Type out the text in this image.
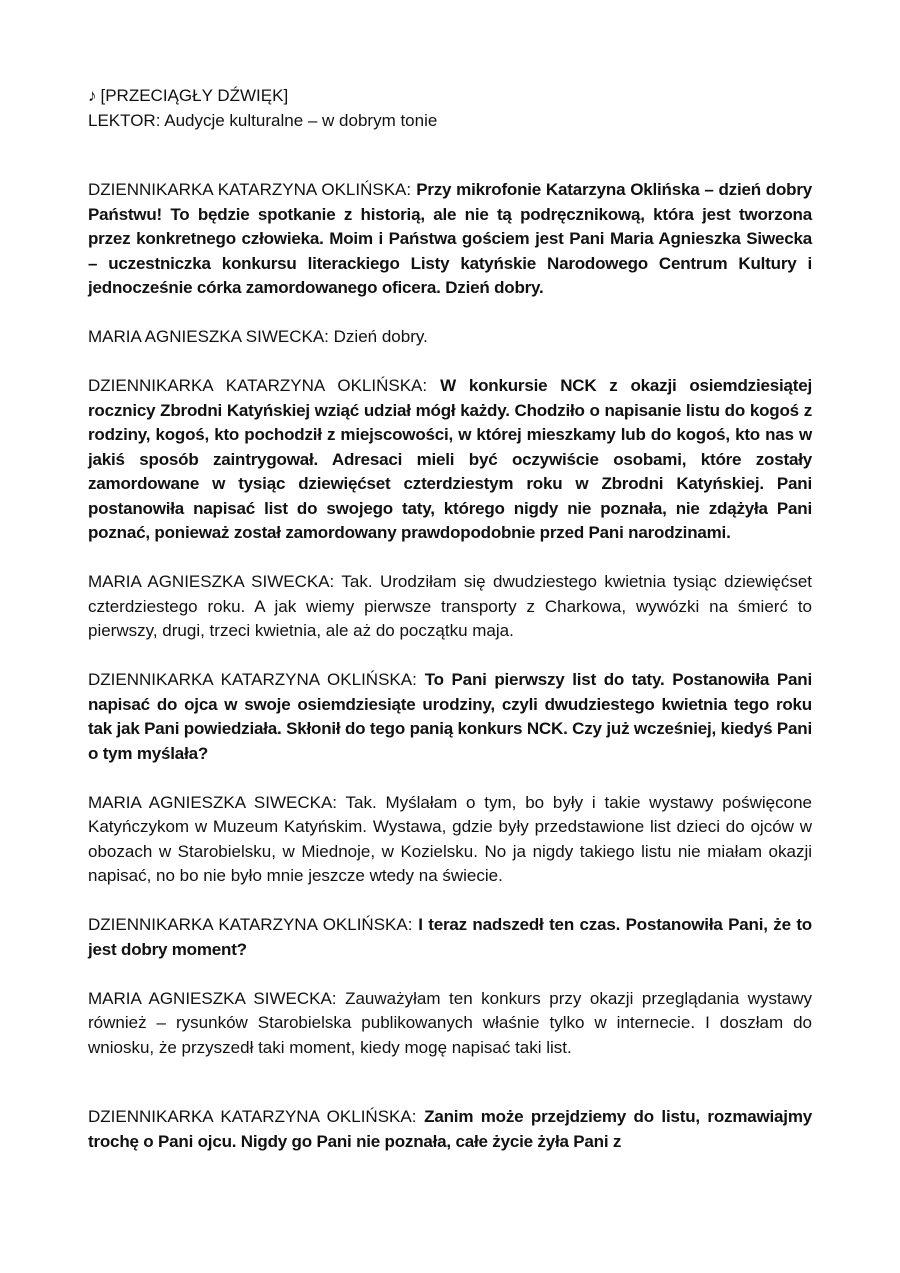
♪ [PRZECIĄGŁY DŹWIĘK]

LEKTOR: Audycje kulturalne – w dobrym tonie

DZIENNIKARKA KATARZYNA OKLIŃSKA: Przy mikrofonie Katarzyna Oklińska – dzień dobry Państwu! To będzie spotkanie z historią, ale nie tą podręcznikową, która jest tworzona przez konkretnego człowieka. Moim i Państwa gościem jest Pani Maria Agnieszka Siwecka – uczestniczka konkursu literackiego Listy katyńskie Narodowego Centrum Kultury i jednocześnie córka zamordowanego oficera. Dzień dobry.

MARIA AGNIESZKA SIWECKA: Dzień dobry.

DZIENNIKARKA KATARZYNA OKLIŃSKA: W konkursie NCK z okazji osiemdziesiątej rocznicy Zbrodni Katyńskiej wziąć udział mógł każdy. Chodziło o napisanie listu do kogoś z rodziny, kogoś, kto pochodził z miejscowości, w której mieszkamy lub do kogoś, kto nas w jakiś sposób zaintrygował. Adresaci mieli być oczywiście osobami, które zostały zamordowane w tysiąc dziewięćset czterdziestym roku w Zbrodni Katyńskiej. Pani postanowiła napisać list do swojego taty, którego nigdy nie poznała, nie zdążyła Pani poznać, ponieważ został zamordowany prawdopodobnie przed Pani narodzinami.

MARIA AGNIESZKA SIWECKA: Tak. Urodziłam się dwudziestego kwietnia tysiąc dziewięćset czterdziestego roku. A jak wiemy pierwsze transporty z Charkowa, wywózki na śmierć to pierwszy, drugi, trzeci kwietnia, ale aż do początku maja.

DZIENNIKARKA KATARZYNA OKLIŃSKA: To Pani pierwszy list do taty. Postanowiła Pani napisać do ojca w swoje osiemdziesiąte urodziny, czyli dwudziestego kwietnia tego roku tak jak Pani powiedziała. Skłonił do tego panią konkurs NCK. Czy już wcześniej, kiedyś Pani o tym myślała?

MARIA AGNIESZKA SIWECKA: Tak. Myślałam o tym, bo były i takie wystawy poświęcone Katyńczykom w Muzeum Katyńskim. Wystawa, gdzie były przedstawione list dzieci do ojców w obozach w Starobielsku, w Miednoje, w Kozielsku. No ja nigdy takiego listu nie miałam okazji napisać, no bo nie było mnie jeszcze wtedy na świecie.

DZIENNIKARKA KATARZYNA OKLIŃSKA: I teraz nadszedł ten czas. Postanowiła Pani, że to jest dobry moment?

MARIA AGNIESZKA SIWECKA: Zauważyłam ten konkurs przy okazji przeglądania wystawy również – rysunków Starobielska publikowanych właśnie tylko w internecie. I doszłam do wniosku, że przyszedł taki moment, kiedy mogę napisać taki list.

DZIENNIKARKA KATARZYNA OKLIŃSKA: Zanim może przejdziemy do listu, rozmawiajmy trochę o Pani ojcu. Nigdy go Pani nie poznała, całe życie żyła Pani z
